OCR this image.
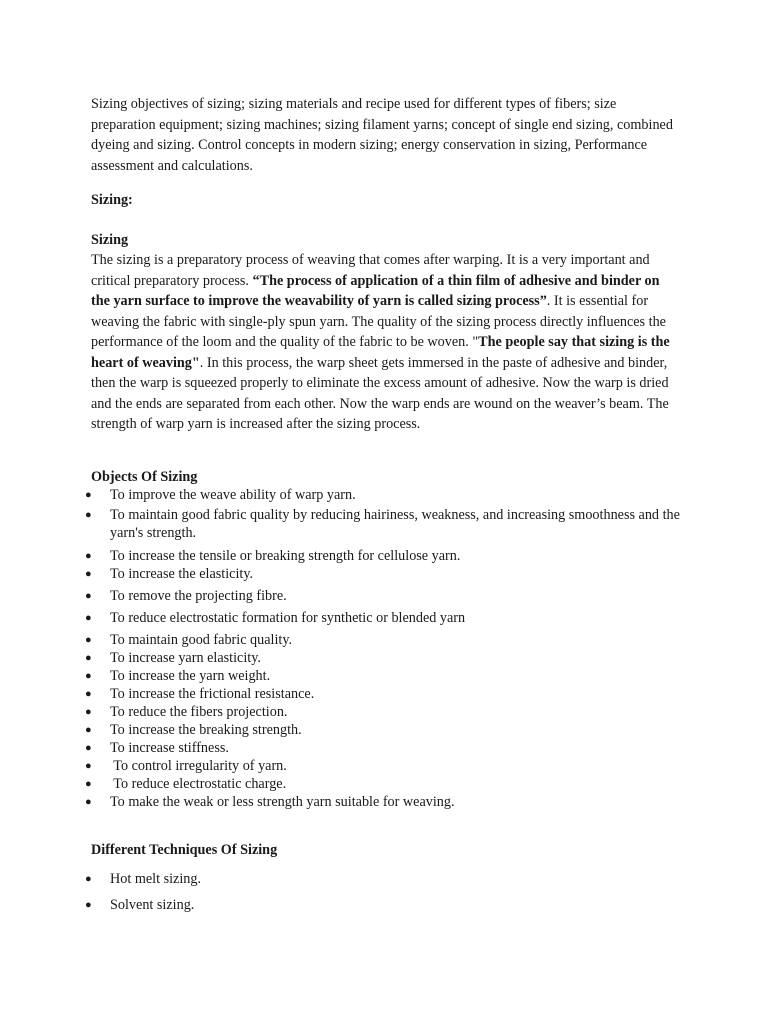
Sizing objectives of sizing; sizing materials and recipe used for different types of fibers; size preparation equipment; sizing machines; sizing filament yarns; concept of single end sizing, combined dyeing and sizing. Control concepts in modern sizing; energy conservation in sizing, Performance assessment and calculations.

Sizing:

Sizing

The sizing is a preparatory process of weaving that comes after warping. It is a very important and critical preparatory process. “The process of application of a thin film of adhesive and binder on the yarn surface to improve the weavability of yarn is called sizing process”. It is essential for weaving the fabric with single-ply spun yarn. The quality of the sizing process directly influences the performance of the loom and the quality of the fabric to be woven. "The people say that sizing is the heart of weaving". In this process, the warp sheet gets immersed in the paste of adhesive and binder, then the warp is squeezed properly to eliminate the excess amount of adhesive. Now the warp is dried and the ends are separated from each other. Now the warp ends are wound on the weaver’s beam. The strength of warp yarn is increased after the sizing process.

Objects Of Sizing

● To improve the weave ability of warp yarn.
● To maintain good fabric quality by reducing hairiness, weakness, and increasing smoothness and the yarn's strength.
● To increase the tensile or breaking strength for cellulose yarn.
● To increase the elasticity.
● To remove the projecting fibre.
● To reduce electrostatic formation for synthetic or blended yarn
● To maintain good fabric quality.
● To increase yarn elasticity.
● To increase the yarn weight.
● To increase the frictional resistance.
● To reduce the fibers projection.
● To increase the breaking strength.
● To increase stiffness.
● To control irregularity of yarn.
● To reduce electrostatic charge.
● To make the weak or less strength yarn suitable for weaving.

Different Techniques Of Sizing

● Hot melt sizing.
● Solvent sizing.
